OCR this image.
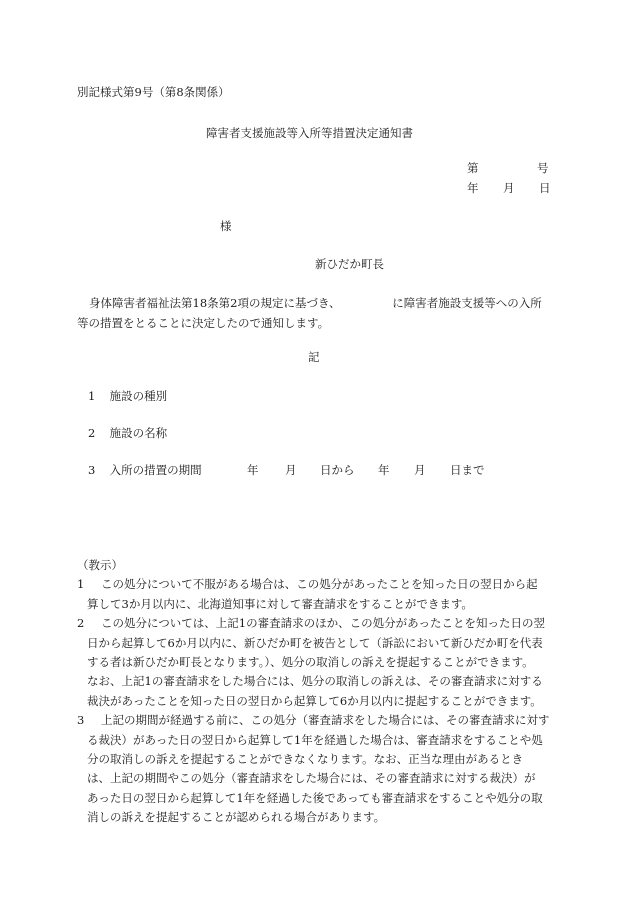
別記様式第9号（第8条関係）
障害者支援施設等入所等措置決定通知書
第	号
年 月 日
様
新ひだか町長

身体障害者福祉法第18条第2項の規定に基づき、　　　　　に障害者施設支援等への入所

等の措置をとることに決定したので通知します。

記
1 施設の種別
2 施設の名称
3 入所の措置の期間	年 月 日から 年 月 日まで

（教示）

1 この処分について不服がある場合は、この処分があったことを知った日の翌日から起

算して3か月以内に、北海道知事に対して審査請求をすることができます。

2 この処分については、上記1の審査請求のほか、この処分があったことを知った日の翌

日から起算して6か月以内に、新ひだか町を被告として（訴訟において新ひだか町を代表

する者は新ひだか町長となります。）、処分の取消しの訴えを提起することができます。

なお、上記1の審査請求をした場合には、処分の取消しの訴えは、その審査請求に対する

裁決があったことを知った日の翌日から起算して6か月以内に提起することができます。

3 上記の期間が経過する前に、この処分（審査請求をした場合には、その審査請求に対す

る裁決）があった日の翌日から起算して1年を経過した場合は、審査請求をすることや処

分の取消しの訴えを提起することができなくなります。なお、正当な理由があるとき

は、上記の期間やこの処分（審査請求をした場合には、その審査請求に対する裁決）が

あった日の翌日から起算して1年を経過した後であっても審査請求をすることや処分の取

消しの訴えを提起することが認められる場合があります。
